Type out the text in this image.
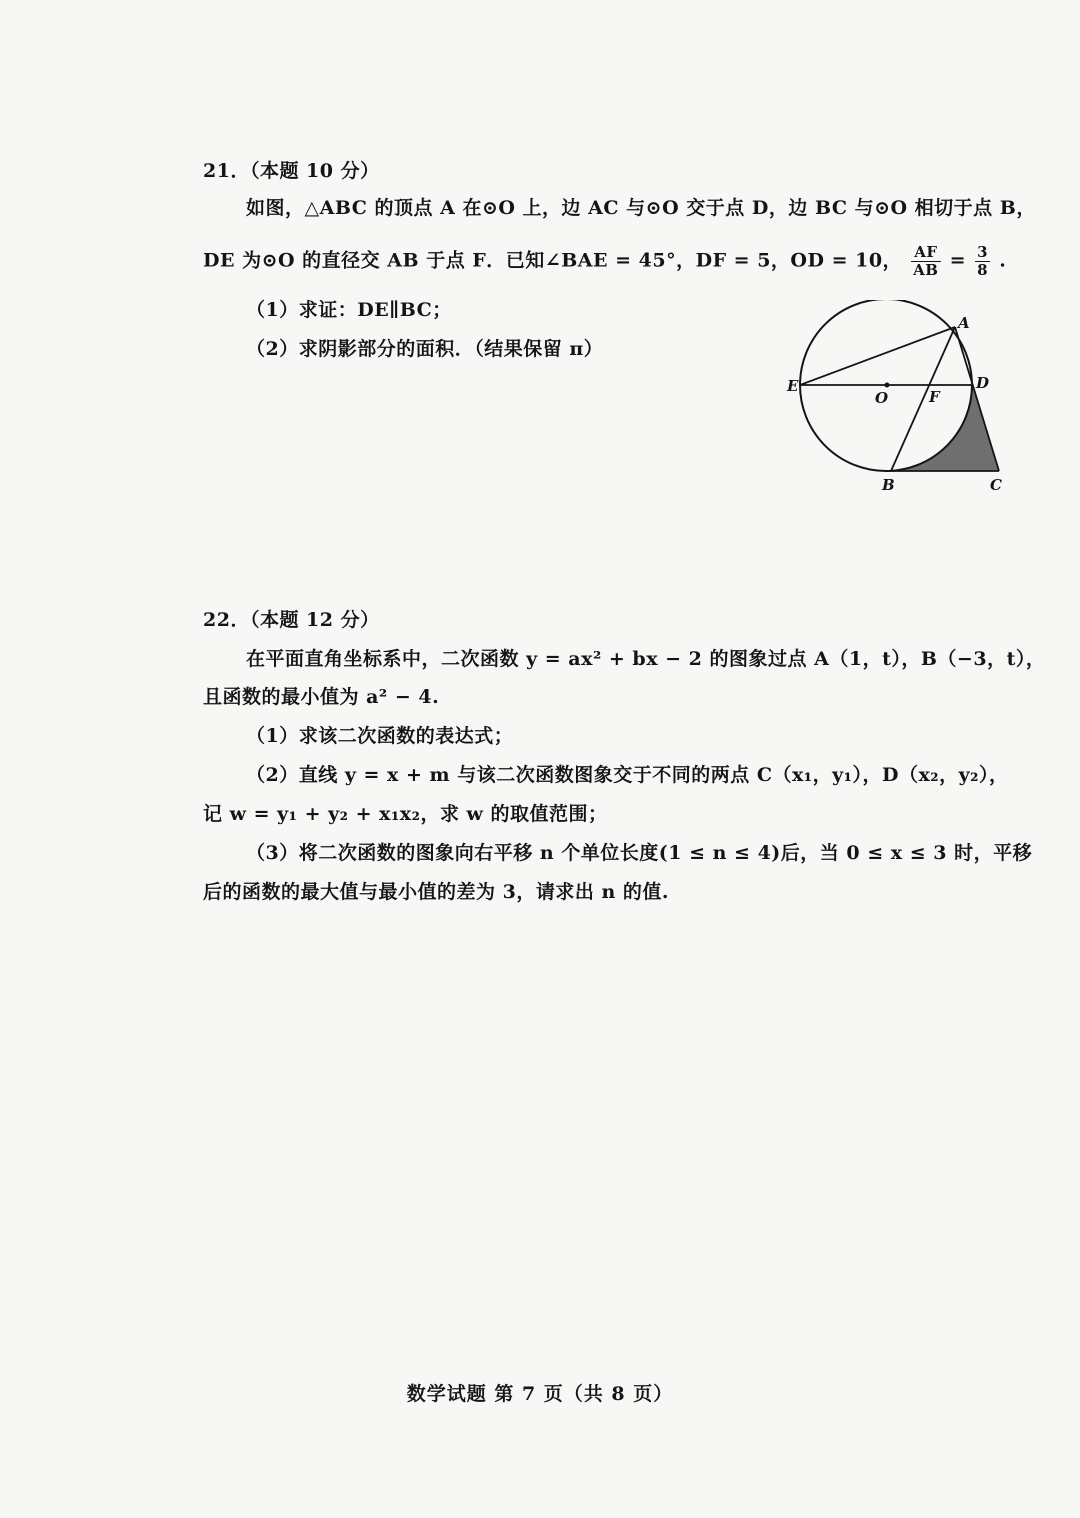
21．（本题 10 分）
如图，△ABC 的顶点 A 在⊙O 上，边 AC 与⊙O 交于点 D，边 BC 与⊙O 相切于点 B，
DE 为⊙O 的直径交 AB 于点 F．已知∠BAE = 45°，DF = 5，OD = 10， $\frac{AF}{AB} = \frac{3}{8}$ .
（1）求证：DE∥BC；
（2）求阴影部分的面积．（结果保留 π）
A
B	C
D
E
F
O
22．（本题 12 分）
在平面直角坐标系中，二次函数 y = ax² + bx − 2 的图象过点 A（1，t），B（−3，t），
且函数的最小值为 a² − 4.
（1）求该二次函数的表达式；
（2）直线 y = x + m 与该二次函数图象交于不同的两点 C（x₁，y₁），D（x₂，y₂），
记 w = y₁ + y₂ + x₁x₂，求 w 的取值范围；
（3）将二次函数的图象向右平移 n 个单位长度(1 ≤ n ≤ 4)后，当 0 ≤ x ≤ 3 时，平移
后的函数的最大值与最小值的差为 3，请求出 n 的值.
数学试题 第 7 页（共 8 页）
